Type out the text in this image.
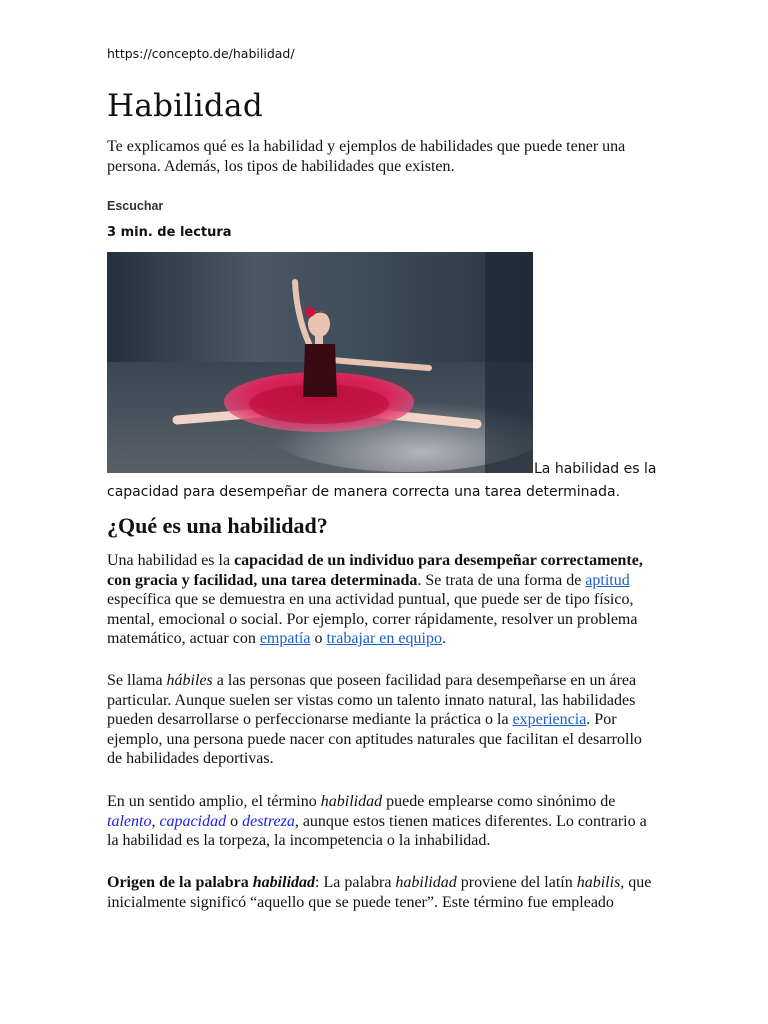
https://concepto.de/habilidad/
Habilidad

Te explicamos qué es la habilidad y ejemplos de habilidades que puede tener una persona. Además, los tipos de habilidades que existen.

Escuchar
3 min. de lectura

La habilidad es la capacidad para desempeñar de manera correcta una tarea determinada.

¿Qué es una habilidad?

Una habilidad es la capacidad de un individuo para desempeñar correctamente, con gracia y facilidad, una tarea determinada. Se trata de una forma de aptitud específica que se demuestra en una actividad puntual, que puede ser de tipo físico, mental, emocional o social. Por ejemplo, correr rápidamente, resolver un problema matemático, actuar con empatía o trabajar en equipo.

Se llama hábiles a las personas que poseen facilidad para desempeñarse en un área particular. Aunque suelen ser vistas como un talento innato natural, las habilidades pueden desarrollarse o perfeccionarse mediante la práctica o la experiencia. Por ejemplo, una persona puede nacer con aptitudes naturales que facilitan el desarrollo de habilidades deportivas.

En un sentido amplio, el término habilidad puede emplearse como sinónimo de talento, capacidad o destreza, aunque estos tienen matices diferentes. Lo contrario a la habilidad es la torpeza, la incompetencia o la inhabilidad.

Origen de la palabra habilidad: La palabra habilidad proviene del latín habilis, que inicialmente significó “aquello que se puede tener”. Este término fue empleado
